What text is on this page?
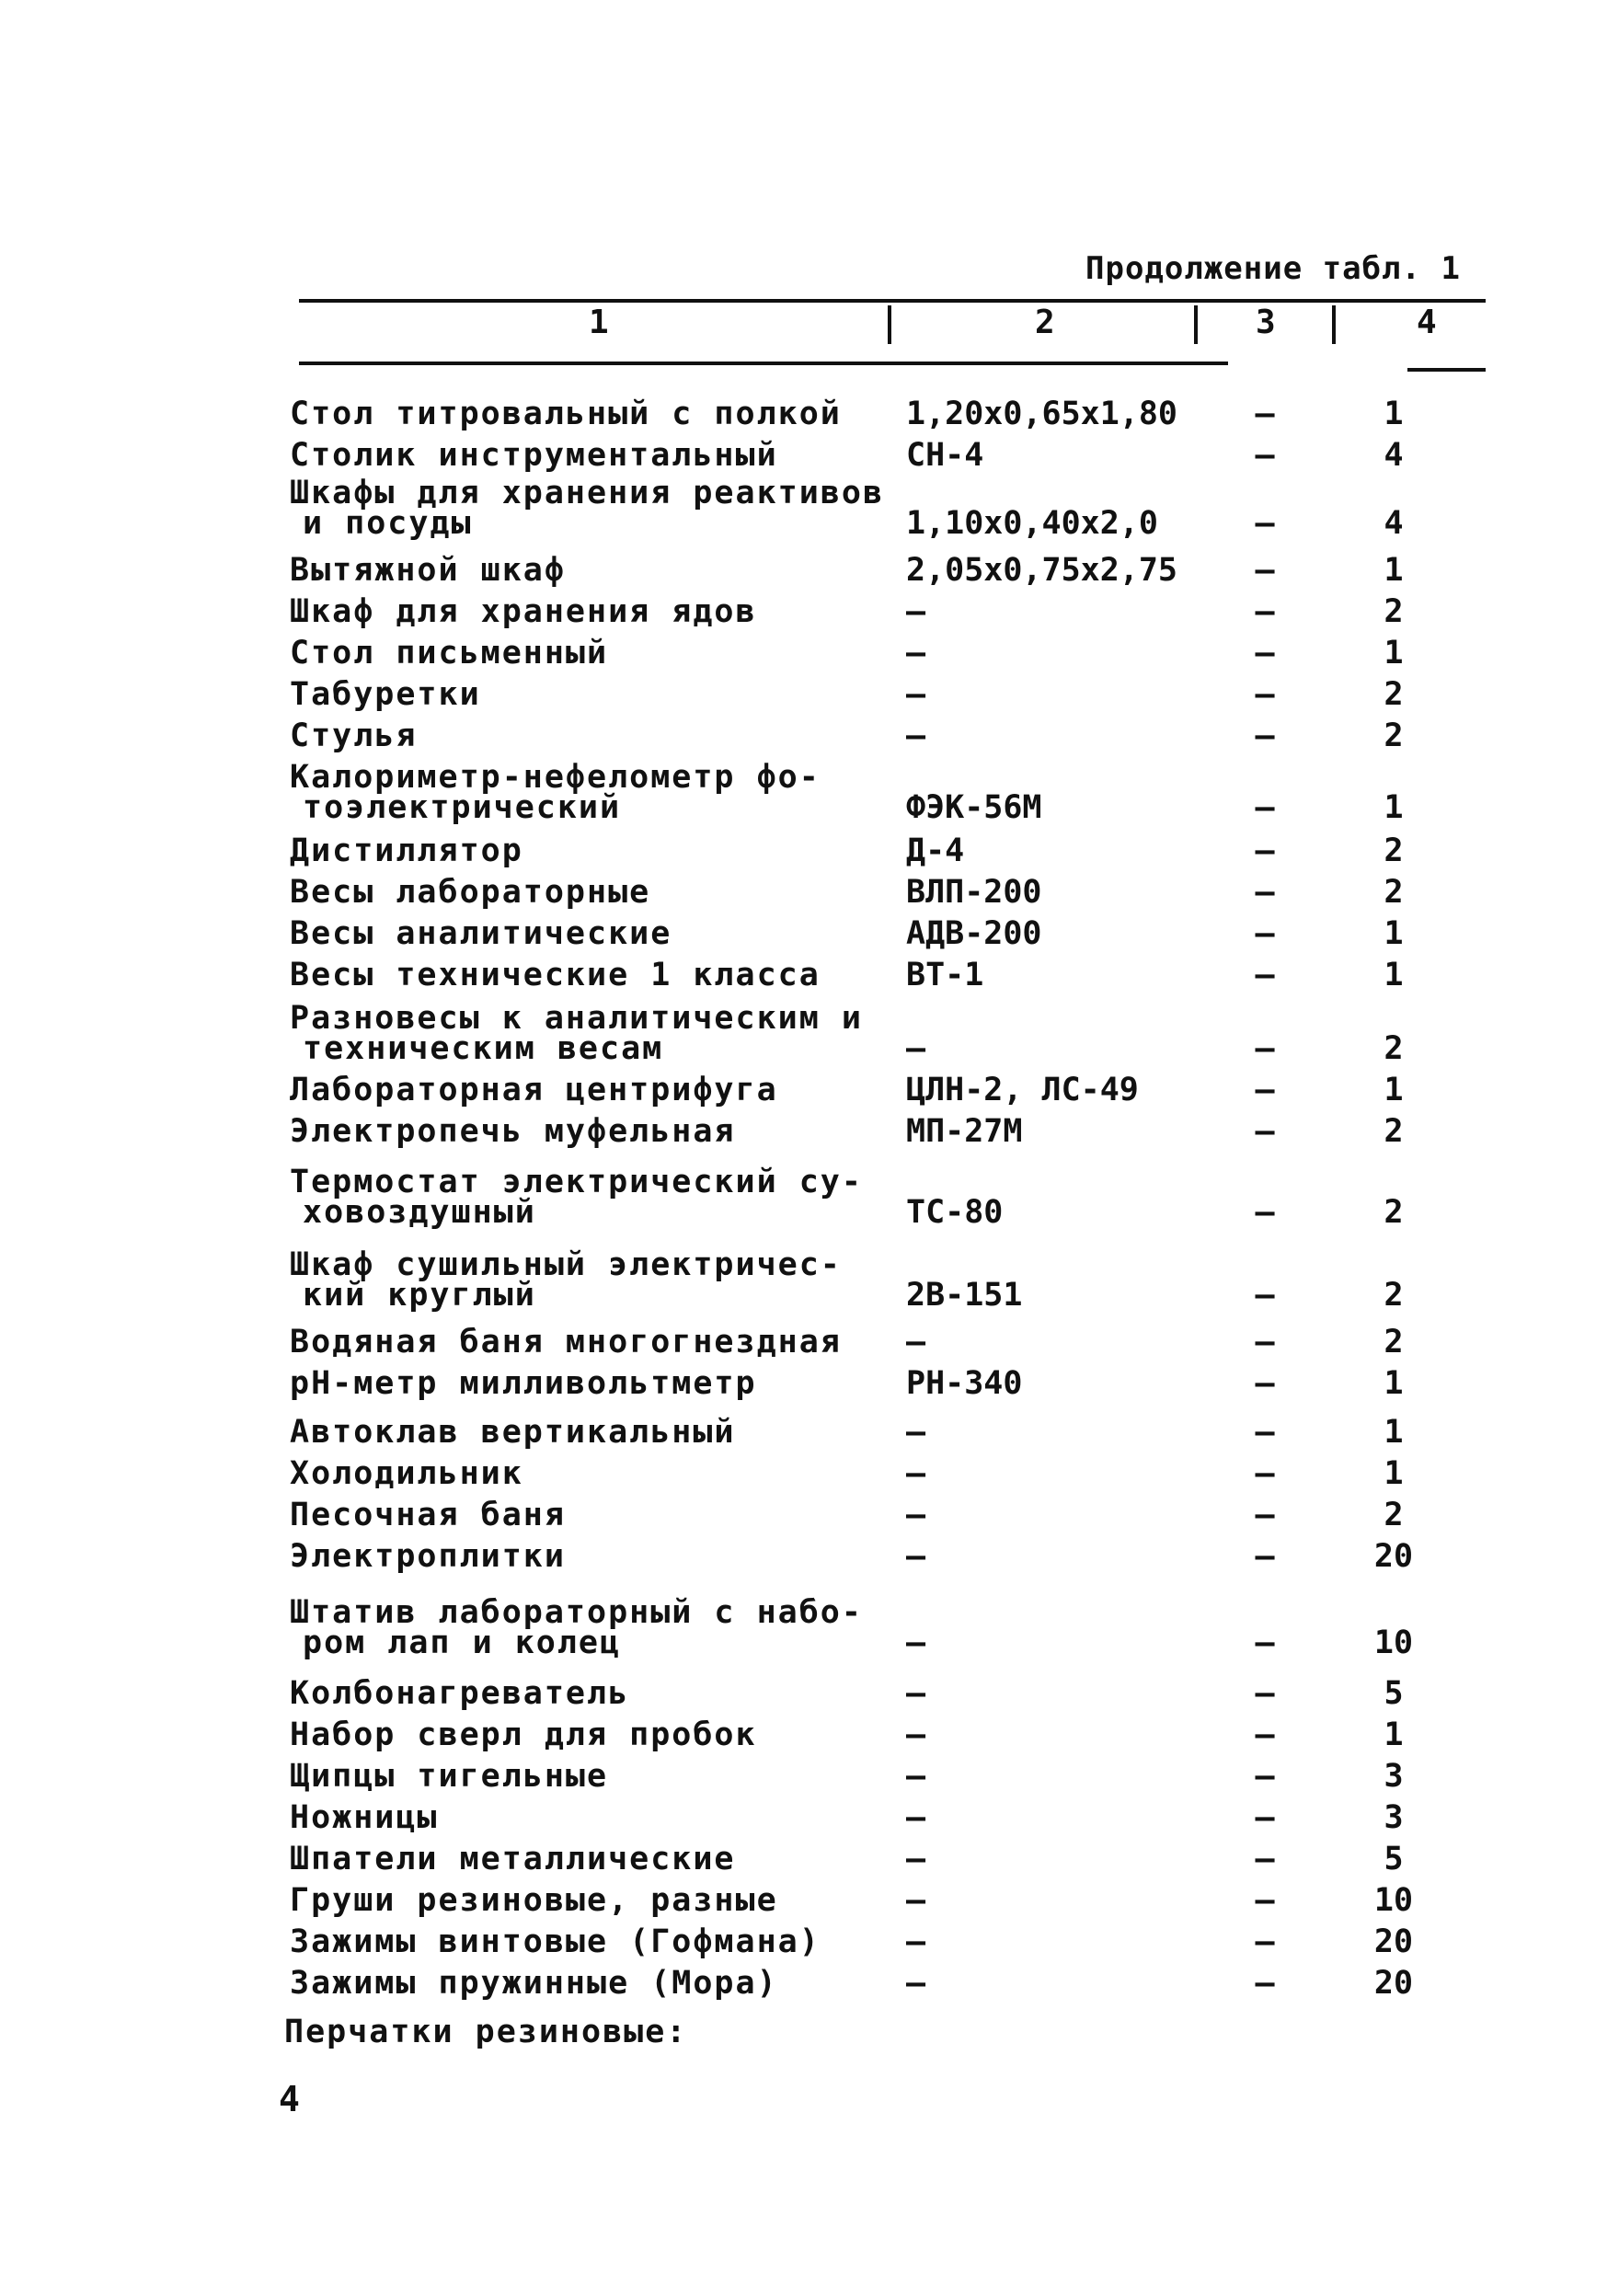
Продолжение табл. 1
1	2	3	4
Стол титровальный с полкой	1,20x0,65x1,80	–	1
Столик инструментальный	СН-4	–	4
Шкафы для хранения реактивов
и посуды	1,10x0,40x2,0	–	4
Вытяжной шкаф	2,05x0,75x2,75	–	1
Шкаф для хранения ядов	–	–	2
Стол письменный	–	–	1
Табуретки	–	–	2
Стулья	–	–	2
Калориметр-нефелометр фо-
тоэлектрический	ФЭК-56М	–	1
Дистиллятор	Д-4	–	2
Весы лабораторные	ВЛП-200	–	2
Весы аналитические	АДВ-200	–	1
Весы технические 1 класса	ВТ-1	–	1
Разновесы к аналитическим и
техническим весам	–	–	2
Лабораторная центрифуга	ЦЛН-2, ЛС-49	–	1
Электропечь муфельная	МП-27М	–	2
Термостат электрический су-
ховоздушный	ТС-80	–	2
Шкаф сушильный электричес-
кий круглый	2В-151	–	2
Водяная баня многогнездная	–	–	2
рН-метр милливольтметр	РН-340	–	1
Автоклав вертикальный	–	–	1
Холодильник	–	–	1
Песочная баня	–	–	2
Электроплитки	–	–	20
Штатив лабораторный с набо-
ром лап и колец	–	–	10
Колбонагреватель	–	–	5
Набор сверл для пробок	–	–	1
Щипцы тигельные	–	–	3
Ножницы	–	–	3
Шпатели металлические	–	–	5
Груши резиновые, разные	–	–	10
Зажимы винтовые (Гофмана)	–	–	20
Зажимы пружинные (Мора)	–	–	20
Перчатки резиновые:
4
